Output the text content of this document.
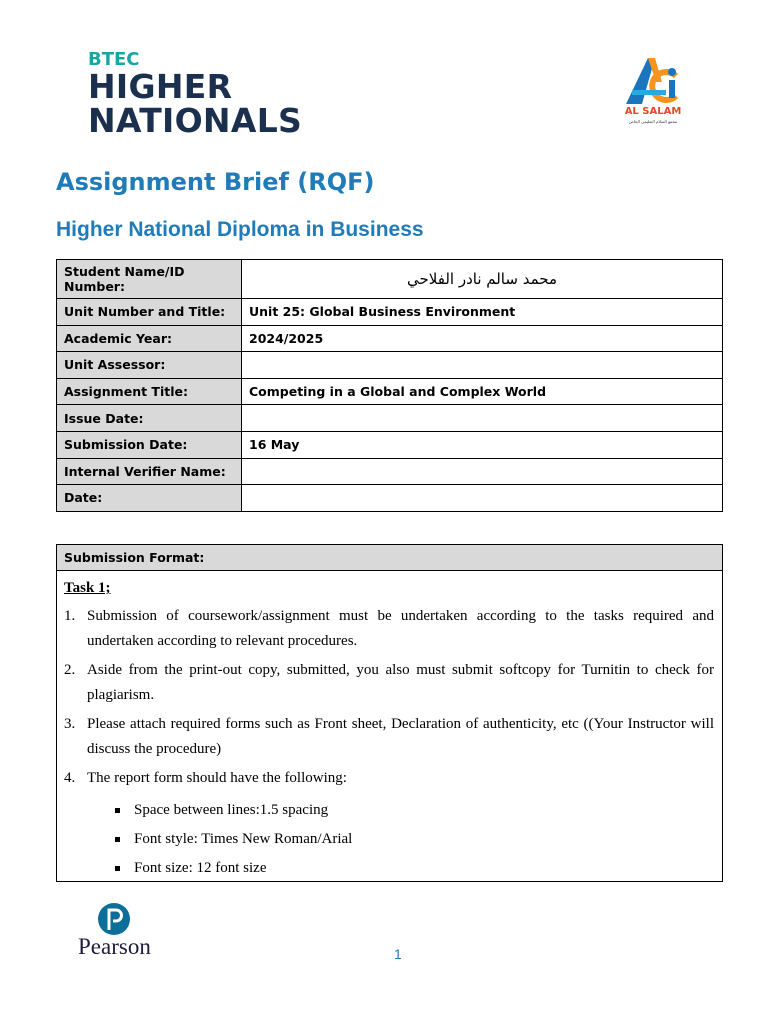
BTEC
HIGHER
NATIONALS	AL SALAM
مجمع السلام التعليمي الخاص
Assignment Brief (RQF)
Higher National Diploma in Business
Student Name/ID Number:	محمد سالم نادر الفلاحي
Unit Number and Title:	Unit 25: Global Business Environment
Academic Year:	2024/2025
Unit Assessor:	
Assignment Title:	Competing in a Global and Complex World
Issue Date:	
Submission Date:	16 May
Internal Verifier Name:	
Date:	
Submission Format:
Task 1;
1. Submission of coursework/assignment must be undertaken according to the tasks required and undertaken according to relevant procedures.
2. Aside from the print-out copy, submitted, you also must submit softcopy for Turnitin to check for plagiarism.
3. Please attach required forms such as Front sheet, Declaration of authenticity, etc ((Your Instructor will discuss the procedure)
4. The report form should have the following:
Space between lines:1.5 spacing
Font style: Times New Roman/Arial
Font size: 12 font size
Pearson	1
